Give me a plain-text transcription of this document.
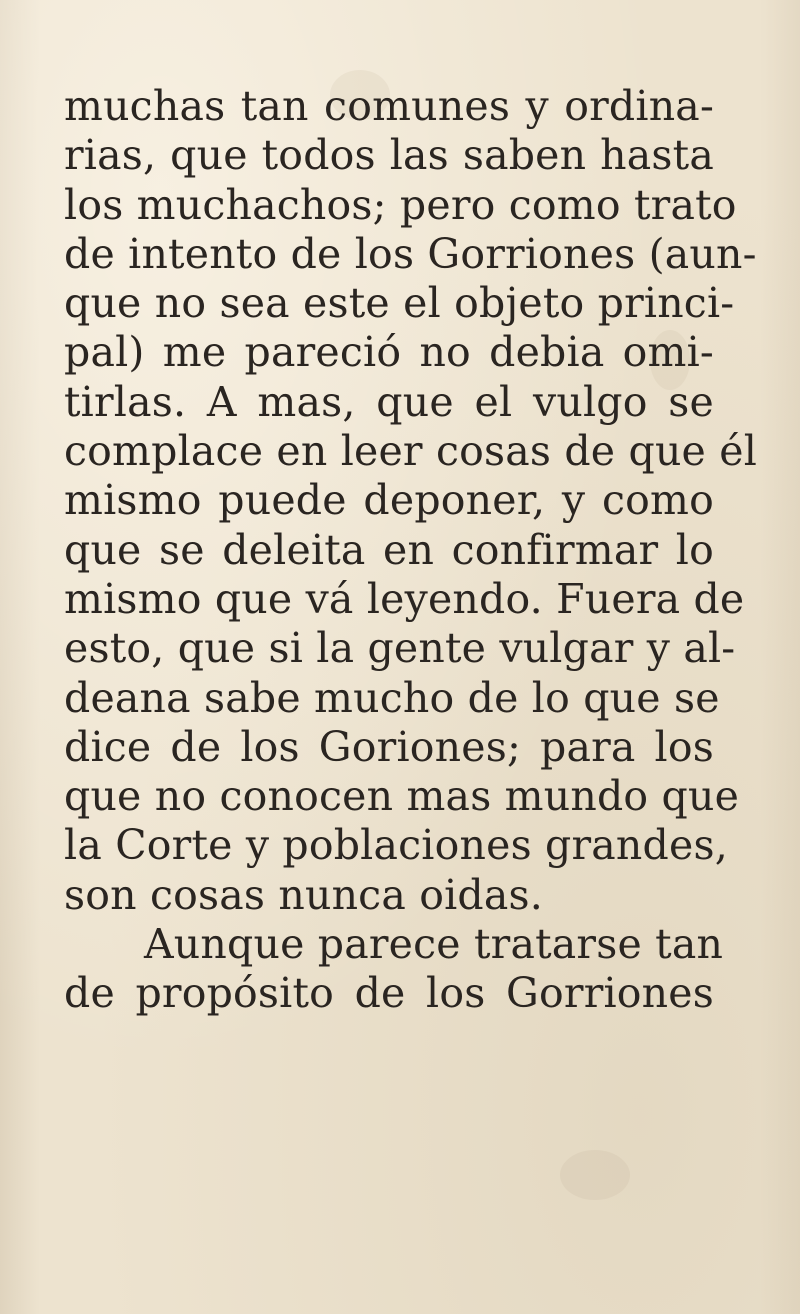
muchas tan comunes y ordina-
rias, que todos las saben hasta
los muchachos; pero como trato
de intento de los Gorriones (aun-
que no sea este el objeto princi-
pal) me pareció no debia omi-
tirlas. A mas, que el vulgo se
complace en leer cosas de que él
mismo puede deponer, y como
que se deleita en confirmar lo
mismo que vá leyendo. Fuera de
esto, que si la gente vulgar y al-
deana sabe mucho de lo que se
dice de los Goriones; para los
que no conocen mas mundo que
la Corte y poblaciones grandes,
son cosas nunca oidas.
Aunque parece tratarse tan
de propósito de los Gorriones
